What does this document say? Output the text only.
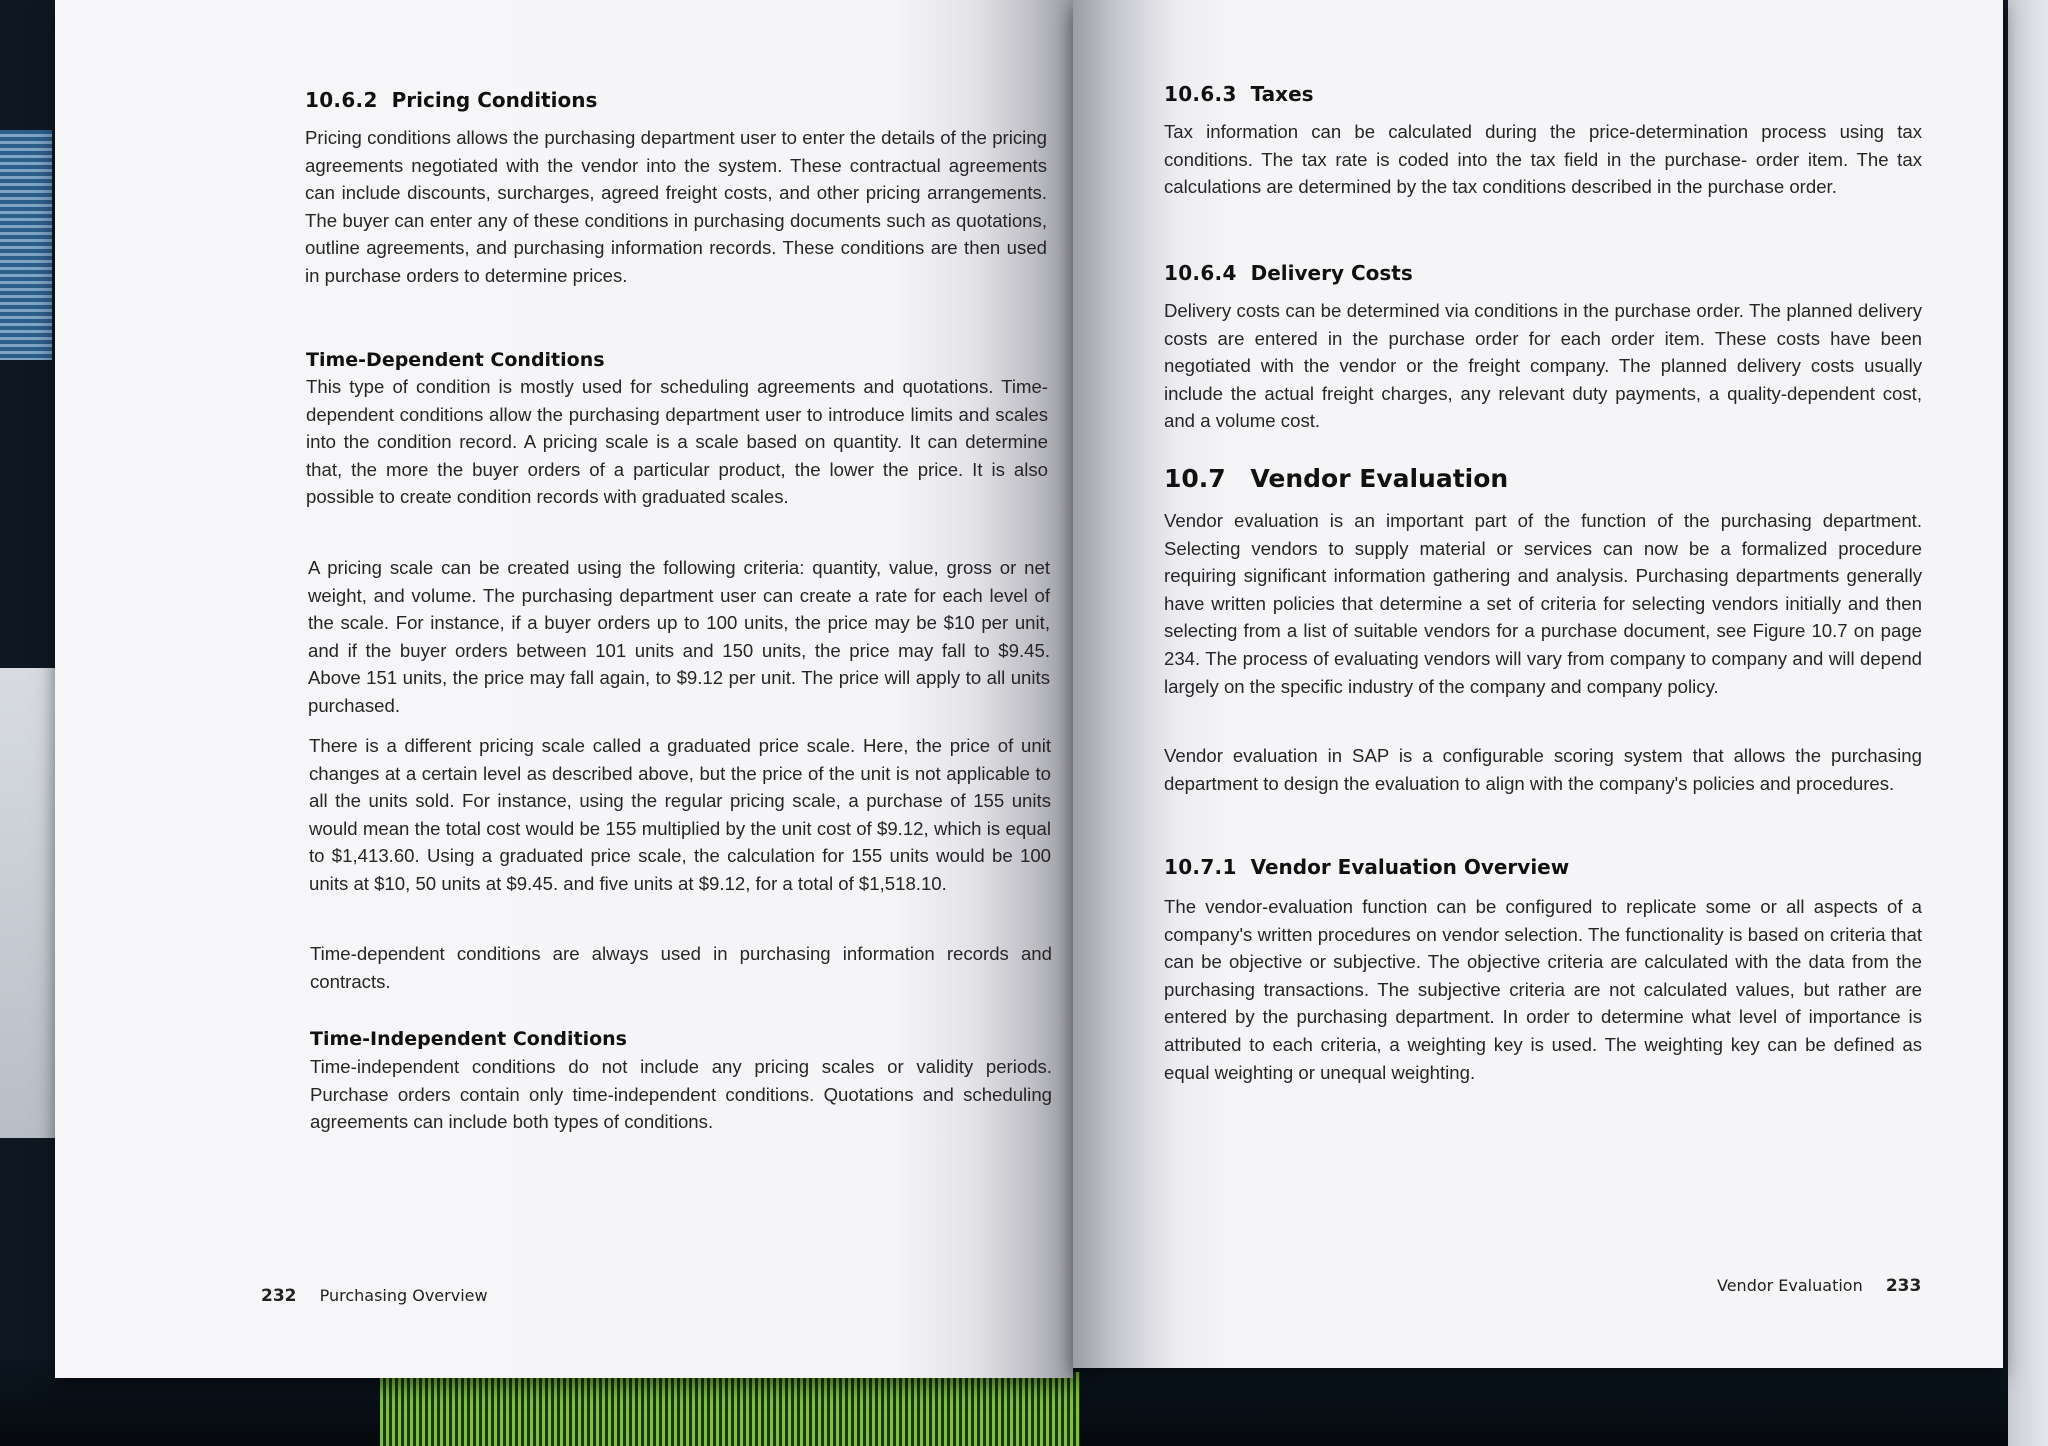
10.6.2 Pricing Conditions

Pricing conditions allows the purchasing department user to enter the details of the pricing agreements negotiated with the vendor into the system. These contractual agreements can include discounts, surcharges, agreed freight costs, and other pricing arrangements. The buyer can enter any of these conditions in purchasing documents such as quotations, outline agreements, and purchasing information records. These conditions are then used in purchase orders to determine prices.

Time-Dependent Conditions

This type of condition is mostly used for scheduling agreements and quotations. Time-dependent conditions allow the purchasing department user to introduce limits and scales into the condition record. A pricing scale is a scale based on quantity. It can determine that, the more the buyer orders of a particular product, the lower the price. It is also possible to create condition records with graduated scales.

A pricing scale can be created using the following criteria: quantity, value, gross or net weight, and volume. The purchasing department user can create a rate for each level of the scale. For instance, if a buyer orders up to 100 units, the price may be $10 per unit, and if the buyer orders between 101 units and 150 units, the price may fall to $9.45. Above 151 units, the price may fall again, to $9.12 per unit. The price will apply to all units purchased.

There is a different pricing scale called a graduated price scale. Here, the price of unit changes at a certain level as described above, but the price of the unit is not applicable to all the units sold. For instance, using the regular pricing scale, a purchase of 155 units would mean the total cost would be 155 multiplied by the unit cost of $9.12, which is equal to $1,413.60. Using a graduated price scale, the calculation for 155 units would be 100 units at $10, 50 units at $9.45. and five units at $9.12, for a total of $1,518.10.

Time-dependent conditions are always used in purchasing information records and contracts.

Time-Independent Conditions

Time-independent conditions do not include any pricing scales or validity periods. Purchase orders contain only time-independent conditions. Quotations and scheduling agreements can include both types of conditions.

232 Purchasing Overview
10.6.3 Taxes

Tax information can be calculated during the price-determination process using tax conditions. The tax rate is coded into the tax field in the purchase- order item. The tax calculations are determined by the tax conditions described in the purchase order.

10.6.4 Delivery Costs

Delivery costs can be determined via conditions in the purchase order. The planned delivery costs are entered in the purchase order for each order item. These costs have been negotiated with the vendor or the freight company. The planned delivery costs usually include the actual freight charges, any relevant duty payments, a quality-dependent cost, and a volume cost.

10.7 Vendor Evaluation

Vendor evaluation is an important part of the function of the purchasing department. Selecting vendors to supply material or services can now be a formalized procedure requiring significant information gathering and analysis. Purchasing departments generally have written policies that determine a set of criteria for selecting vendors initially and then selecting from a list of suitable vendors for a purchase document, see Figure 10.7 on page 234. The process of evaluating vendors will vary from company to company and will depend largely on the specific industry of the company and company policy.

Vendor evaluation in SAP is a configurable scoring system that allows the purchasing department to design the evaluation to align with the company's policies and procedures.

10.7.1 Vendor Evaluation Overview

The vendor-evaluation function can be configured to replicate some or all aspects of a company's written procedures on vendor selection. The functionality is based on criteria that can be objective or subjective. The objective criteria are calculated with the data from the purchasing transactions. The subjective criteria are not calculated values, but rather are entered by the purchasing department. In order to determine what level of importance is attributed to each criteria, a weighting key is used. The weighting key can be defined as equal weighting or unequal weighting.

Vendor Evaluation 233
